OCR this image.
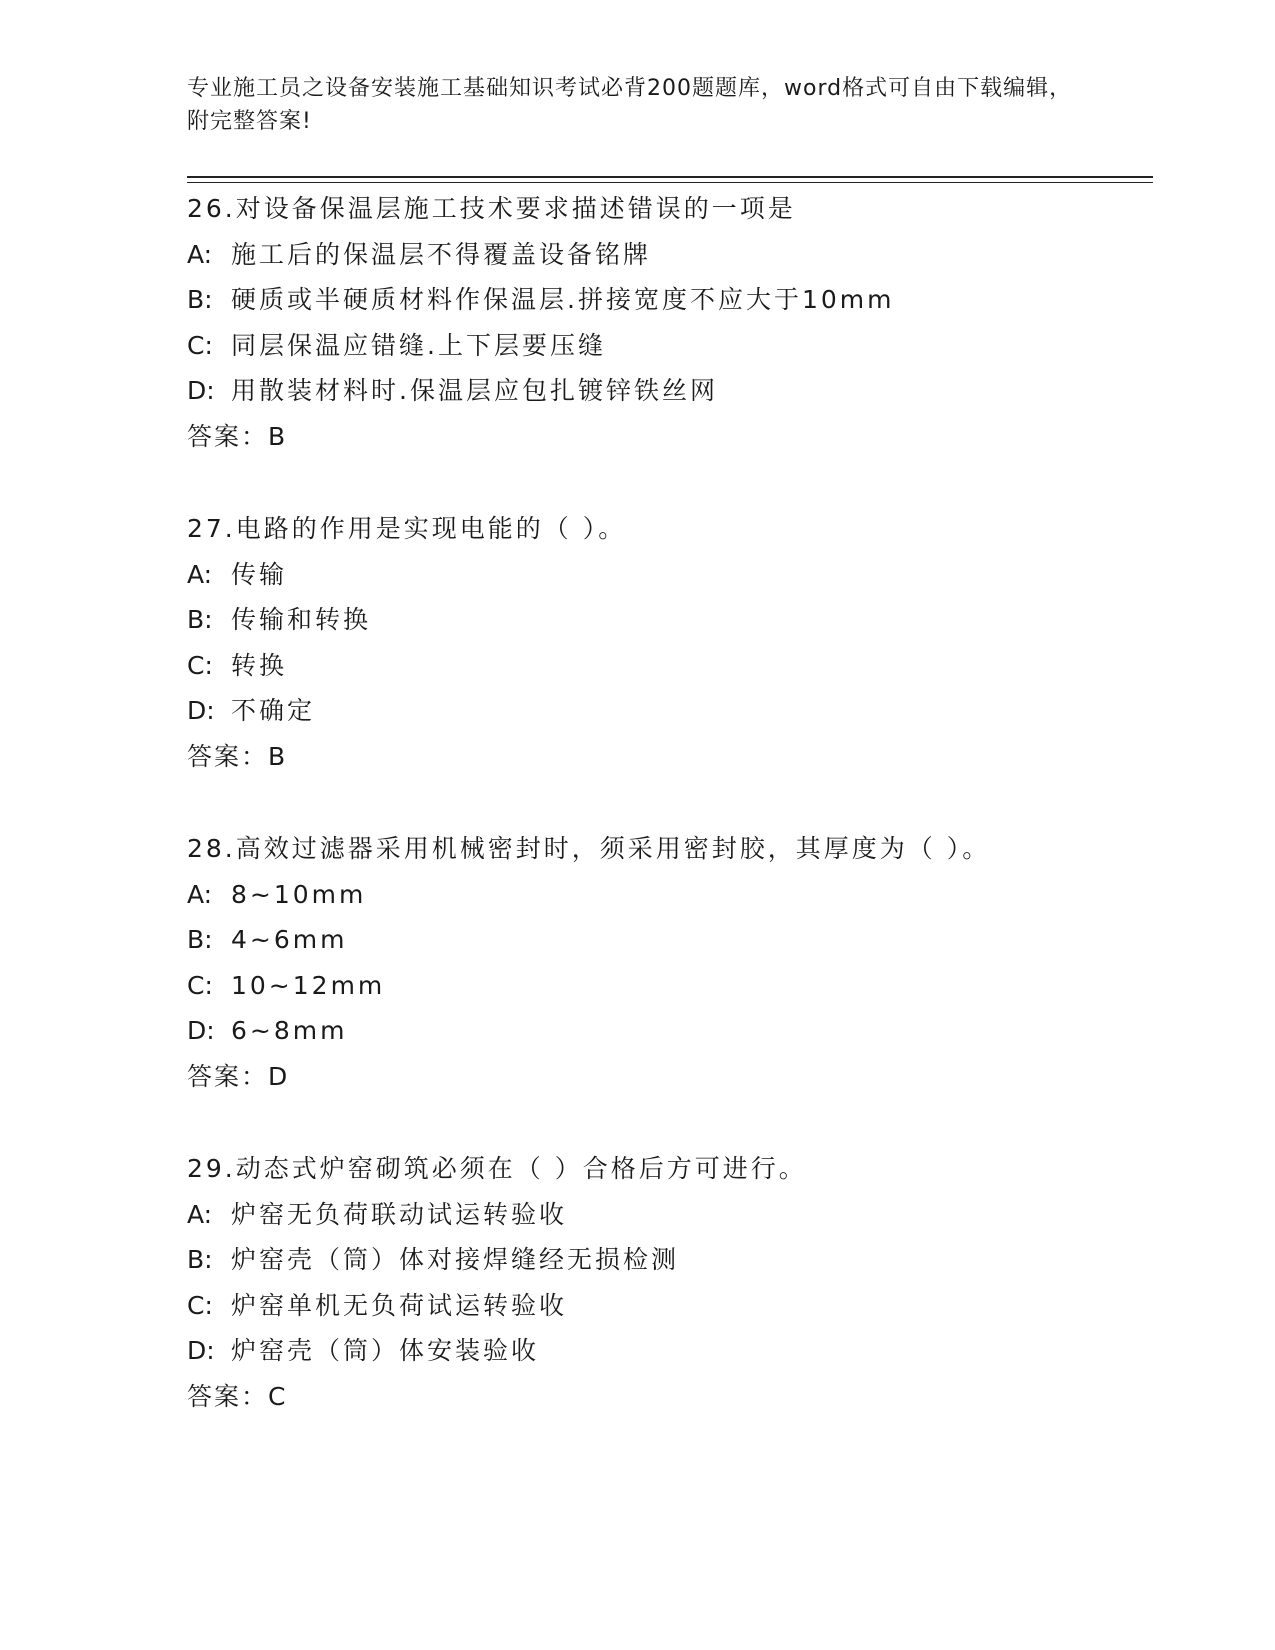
专业施工员之设备安装施工基础知识考试必背200题题库，word格式可自由下载编辑，附完整答案!
26.对设备保温层施工技术要求描述错误的一项是
A: 施工后的保温层不得覆盖设备铭牌
B: 硬质或半硬质材料作保温层.拼接宽度不应大于10mm
C: 同层保温应错缝.上下层要压缝
D: 用散装材料时.保温层应包扎镀锌铁丝网
答案：B
27.电路的作用是实现电能的（ ）。
A: 传输
B: 传输和转换
C: 转换
D: 不确定
答案：B
28.高效过滤器采用机械密封时，须采用密封胶，其厚度为（ ）。
A: 8~10mm
B: 4~6mm
C: 10~12mm
D: 6~8mm
答案：D
29.动态式炉窑砌筑必须在（ ）合格后方可进行。
A: 炉窑无负荷联动试运转验收
B: 炉窑壳（筒）体对接焊缝经无损检测
C: 炉窑单机无负荷试运转验收
D: 炉窑壳（筒）体安装验收
答案：C
